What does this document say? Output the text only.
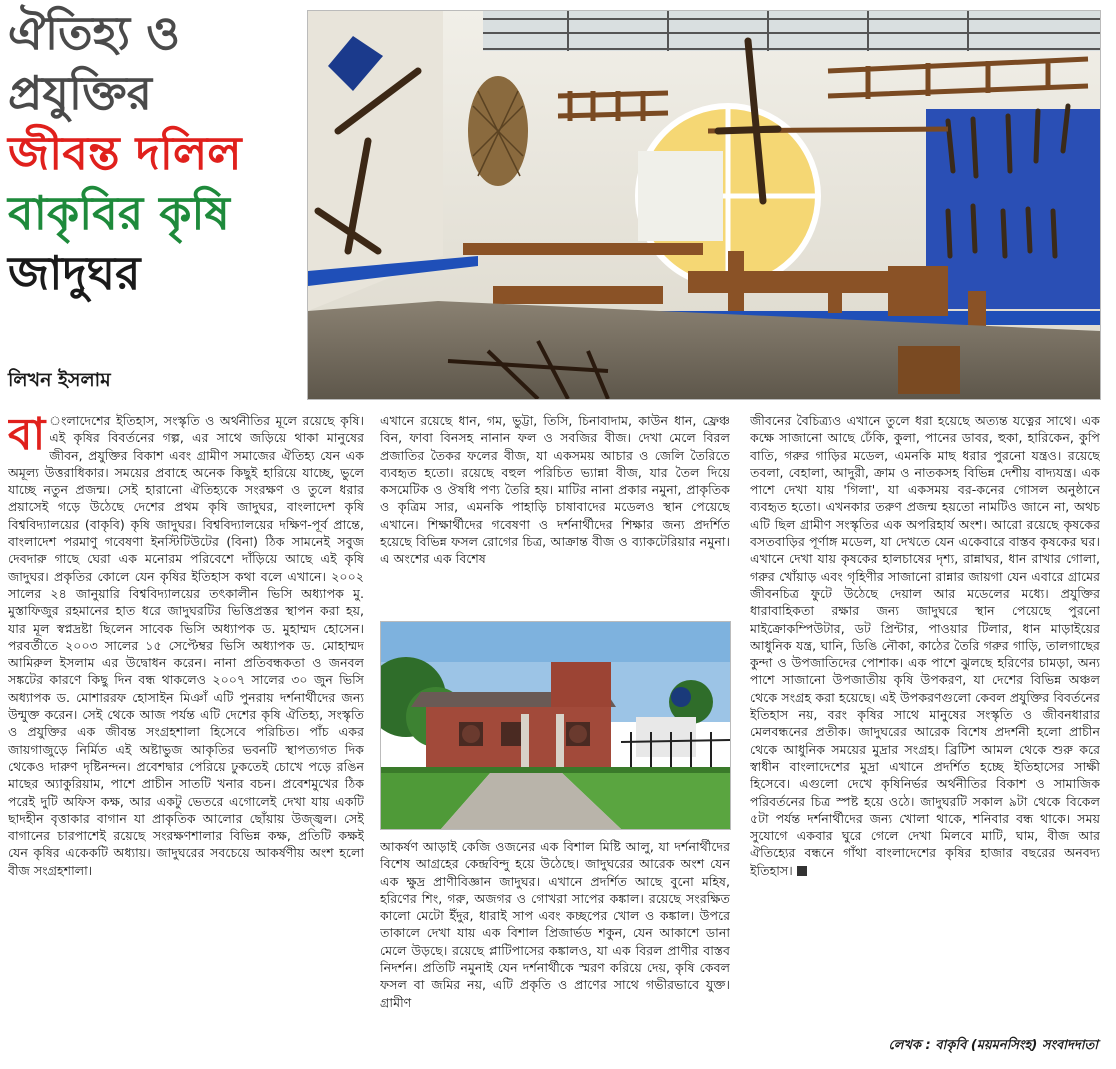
ঐতিহ্য ও
প্রযুক্তির
জীবন্ত দলিল
বাকৃবির কৃষি
জাদুঘর
লিখন ইসলাম
বা ংলাদেশের ইতিহাস, সংস্কৃতি ও অর্থনীতির মূলে রয়েছে কৃষি। এই কৃষির বিবর্তনের গল্প, এর সাথে জড়িয়ে থাকা মানুষের জীবন, প্রযুক্তির বিকাশ এবং গ্রামীণ সমাজের ঐতিহ্য যেন এক অমূল্য উত্তরাধিকার। সময়ের প্রবাহে অনেক কিছুই হারিয়ে যাচ্ছে, ভুলে যাচ্ছে নতুন প্রজন্ম। সেই হারানো ঐতিহ্যকে সংরক্ষণ ও তুলে ধরার প্রয়াসেই গড়ে উঠেছে দেশের প্রথম কৃষি জাদুঘর, বাংলাদেশ কৃষি বিশ্ববিদ্যালয়ের (বাকৃবি) কৃষি জাদুঘর। বিশ্ববিদ্যালয়ের দক্ষিণ-পূর্ব প্রান্তে, বাংলাদেশ পরমাণু গবেষণা ইনস্টিটিউটের (বিনা) ঠিক সামনেই সবুজ দেবদারু গাছে ঘেরা এক মনোরম পরিবেশে দাঁড়িয়ে আছে এই কৃষি জাদুঘর। প্রকৃতির কোলে যেন কৃষির ইতিহাস কথা বলে এখানে। ২০০২ সালের ২৪ জানুয়ারি বিশ্ববিদ্যালয়ের তৎকালীন ভিসি অধ্যাপক মু. মুস্তাফিজুর রহমানের হাত ধরে জাদুঘরটির ভিত্তিপ্রস্তর স্থাপন করা হয়, যার মূল স্বপ্নদ্রষ্টা ছিলেন সাবেক ভিসি অধ্যাপক ড. মুহাম্মদ হোসেন। পরবর্তীতে ২০০৩ সালের ১৫ সেপ্টেম্বর ভিসি অধ্যাপক ড. মোহাম্মদ আমিরুল ইসলাম এর উদ্বোধন করেন। নানা প্রতিবন্ধকতা ও জনবল সঙ্কটের কারণে কিছু দিন বন্ধ থাকলেও ২০০৭ সালের ৩০ জুন ভিসি অধ্যাপক ড. মোশাররফ হোসাইন মিঞাঁ এটি পুনরায় দর্শনার্থীদের জন্য উন্মুক্ত করেন। সেই থেকে আজ পর্যন্ত এটি দেশের কৃষি ঐতিহ্য, সংস্কৃতি ও প্রযুক্তির এক জীবন্ত সংগ্রহশালা হিসেবে পরিচিত। পাঁচ একর জায়গাজুড়ে নির্মিত এই অষ্টাভুজ আকৃতির ভবনটি স্থাপত্যগত দিক থেকেও দারুণ দৃষ্টিনন্দন। প্রবেশদ্বার পেরিয়ে ঢুকতেই চোখে পড়ে রঙিন মাছের অ্যাকুরিয়াম, পাশে প্রাচীন সাতটি খনার বচন। প্রবেশমুখের ঠিক পরেই দুটি অফিস কক্ষ, আর একটু ভেতরে এগোলেই দেখা যায় একটি ছাদহীন বৃত্তাকার বাগান যা প্রাকৃতিক আলোর ছোঁয়ায় উজ্জ্বল। সেই বাগানের চারপাশেই রয়েছে সংরক্ষণশালার বিভিন্ন কক্ষ, প্রতিটি কক্ষই যেন কৃষির একেকটি অধ্যায়। জাদুঘরের সবচেয়ে আকর্ষণীয় অংশ হলো বীজ সংগ্রহশালা।
এখানে রয়েছে ধান, গম, ভুট্টা, তিসি, চিনাবাদাম, কাউন ধান, ফ্রেঞ্চ বিন, ফাবা বিনসহ নানান ফল ও সবজির বীজ। দেখা মেলে বিরল প্রজাতির তৈকর ফলের বীজ, যা একসময় আচার ও জেলি তৈরিতে ব্যবহৃত হতো। রয়েছে বহুল পরিচিত ভ্যান্না বীজ, যার তৈল দিয়ে কসমেটিক ও ঔষধি পণ্য তৈরি হয়। মাটির নানা প্রকার নমুনা, প্রাকৃতিক ও কৃত্রিম সার, এমনকি পাহাড়ি চাষাবাদের মডেলও স্থান পেয়েছে এখানে। শিক্ষার্থীদের গবেষণা ও দর্শনার্থীদের শিক্ষার জন্য প্রদর্শিত হয়েছে বিভিন্ন ফসল রোগের চিত্র, আক্রান্ত বীজ ও ব্যাকটেরিয়ার নমুনা। এ অংশের এক বিশেষ
আকর্ষণ আড়াই কেজি ওজনের এক বিশাল মিষ্টি আলু, যা দর্শনার্থীদের বিশেষ আগ্রহের কেন্দ্রবিন্দু হয়ে উঠেছে। জাদুঘরের আরেক অংশ যেন এক ক্ষুদ্র প্রাণীবিজ্ঞান জাদুঘর। এখানে প্রদর্শিত আছে বুনো মহিষ, হরিণের শিং, গরু, অজগর ও গোখরা সাপের কঙ্কাল। রয়েছে সংরক্ষিত কালো মেটো ইঁদুর, ধারাই সাপ এবং কচ্ছপের খোল ও কঙ্কাল। উপরে তাকালে দেখা যায় এক বিশাল প্রিজার্ভড শকুন, যেন আকাশে ডানা মেলে উড়ছে। রয়েছে প্লাটিপাসের কঙ্কালও, যা এক বিরল প্রাণীর বাস্তব নিদর্শন। প্রতিটি নমুনাই যেন দর্শনার্থীকে স্মরণ করিয়ে দেয়, কৃষি কেবল ফসল বা জমির নয়, এটি প্রকৃতি ও প্রাণের সাথে গভীরভাবে যুক্ত। গ্রামীণ
জীবনের বৈচিত্র্যও এখানে তুলে ধরা হয়েছে অত্যন্ত যত্নের সাথে। এক কক্ষে সাজানো আছে ঢেঁকি, কুলা, পানের ডাবর, হুকা, হারিকেন, কুপি বাতি, গরুর গাড়ির মডেল, এমনকি মাছ ধরার পুরনো যন্ত্রও। রয়েছে তবলা, বেহালা, আদুরী, ক্রাম ও নাতকসহ বিভিন্ন দেশীয় বাদ্যযন্ত্র। এক পাশে দেখা যায় 'গিলা', যা একসময় বর-কনের গোসল অনুষ্ঠানে ব্যবহৃত হতো। এখনকার তরুণ প্রজন্ম হয়তো নামটিও জানে না, অথচ এটি ছিল গ্রামীণ সংস্কৃতির এক অপরিহার্য অংশ। আরো রয়েছে কৃষকের বসতবাড়ির পূর্ণাঙ্গ মডেল, যা দেখতে যেন একেবারে বাস্তব কৃষকের ঘর। এখানে দেখা যায় কৃষকের হালচাষের দৃশ্য, রান্নাঘর, ধান রাখার গোলা, গরুর খোঁয়াড় এবং গৃহিণীর সাজানো রান্নার জায়গা যেন এবারে গ্রামের জীবনচিত্র ফুটে উঠেছে দেয়াল আর মডেলের মধ্যে। প্রযুক্তির ধারাবাহিকতা রক্ষার জন্য জাদুঘরে স্থান পেয়েছে পুরনো মাইক্রোকম্পিউটার, ডট প্রিন্টার, পাওয়ার টিলার, ধান মাড়াইয়ের আধুনিক যন্ত্র, ঘানি, ডিঙি নৌকা, কাঠের তৈরি গরুর গাড়ি, তালগাছের কুন্দা ও উপজাতিদের পোশাক। এক পাশে ঝুলছে হরিণের চামড়া, অন্য পাশে সাজানো উপজাতীয় কৃষি উপকরণ, যা দেশের বিভিন্ন অঞ্চল থেকে সংগ্রহ করা হয়েছে। এই উপকরণগুলো কেবল প্রযুক্তির বিবর্তনের ইতিহাস নয়, বরং কৃষির সাথে মানুষের সংস্কৃতি ও জীবনধারার মেলবন্ধনের প্রতীক। জাদুঘরের আরেক বিশেষ প্রদর্শনী হলো প্রাচীন থেকে আধুনিক সময়ের মুদ্রার সংগ্রহ। ব্রিটিশ আমল থেকে শুরু করে স্বাধীন বাংলাদেশের মুদ্রা এখানে প্রদর্শিত হচ্ছে ইতিহাসের সাক্ষী হিসেবে। এগুলো দেখে কৃষিনির্ভর অর্থনীতির বিকাশ ও সামাজিক পরিবর্তনের চিত্র স্পষ্ট হয়ে ওঠে। জাদুঘরটি সকাল ৯টা থেকে বিকেল ৫টা পর্যন্ত দর্শনার্থীদের জন্য খোলা থাকে, শনিবার বন্ধ থাকে। সময় সুযোগে একবার ঘুরে গেলে দেখা মিলবে মাটি, ঘাম, বীজ আর ঐতিহ্যের বন্ধনে গাঁথা বাংলাদেশের কৃষির হাজার বছরের অনবদ্য ইতিহাস।
লেখক : বাকৃবি (ময়মনসিংহ) সংবাদদাতা
